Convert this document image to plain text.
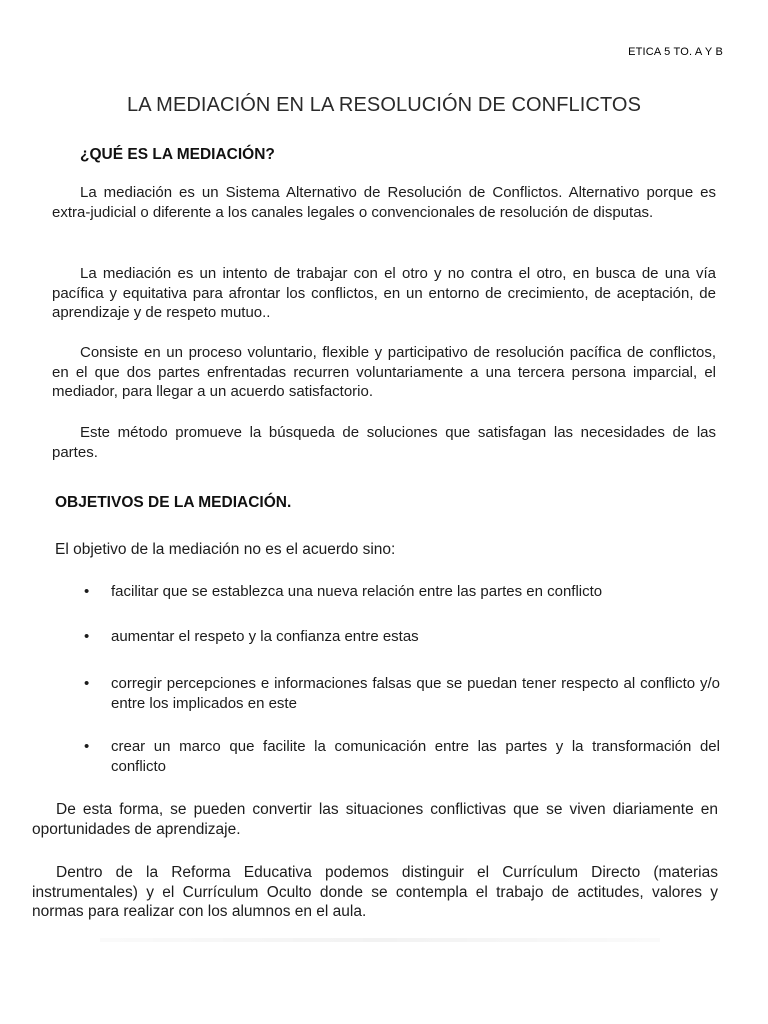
ETICA 5 TO. A Y B
LA MEDIACIÓN EN LA RESOLUCIÓN DE CONFLICTOS
¿QUÉ ES LA MEDIACIÓN?
La mediación es un Sistema Alternativo de Resolución de Conflictos. Alternativo porque es extra-judicial o diferente a los canales legales o convencionales de resolución de disputas.
La mediación es un intento de trabajar con el otro y no contra el otro, en busca de una vía pacífica y equitativa para afrontar los conflictos, en un entorno de crecimiento, de aceptación, de aprendizaje y de respeto mutuo..
Consiste en un proceso voluntario, flexible y participativo de resolución pacífica de conflictos, en el que dos partes enfrentadas recurren voluntariamente a una tercera persona imparcial, el mediador, para llegar a un acuerdo satisfactorio.
Este método promueve la búsqueda de soluciones que satisfagan las necesidades de las partes.
OBJETIVOS DE LA MEDIACIÓN.
El objetivo de la mediación no es el acuerdo sino:
• facilitar que se establezca una nueva relación entre las partes en conflicto
• aumentar el respeto y la confianza entre estas
• corregir percepciones e informaciones falsas que se puedan tener respecto al conflicto y/o entre los implicados en este
• crear un marco que facilite la comunicación entre las partes y la transformación del conflicto
De esta forma, se pueden convertir las situaciones conflictivas que se viven diariamente en oportunidades de aprendizaje.
Dentro de la Reforma Educativa podemos distinguir el Currículum Directo (materias instrumentales) y el Currículum Oculto donde se contempla el trabajo de actitudes, valores y normas para realizar con los alumnos en el aula.
